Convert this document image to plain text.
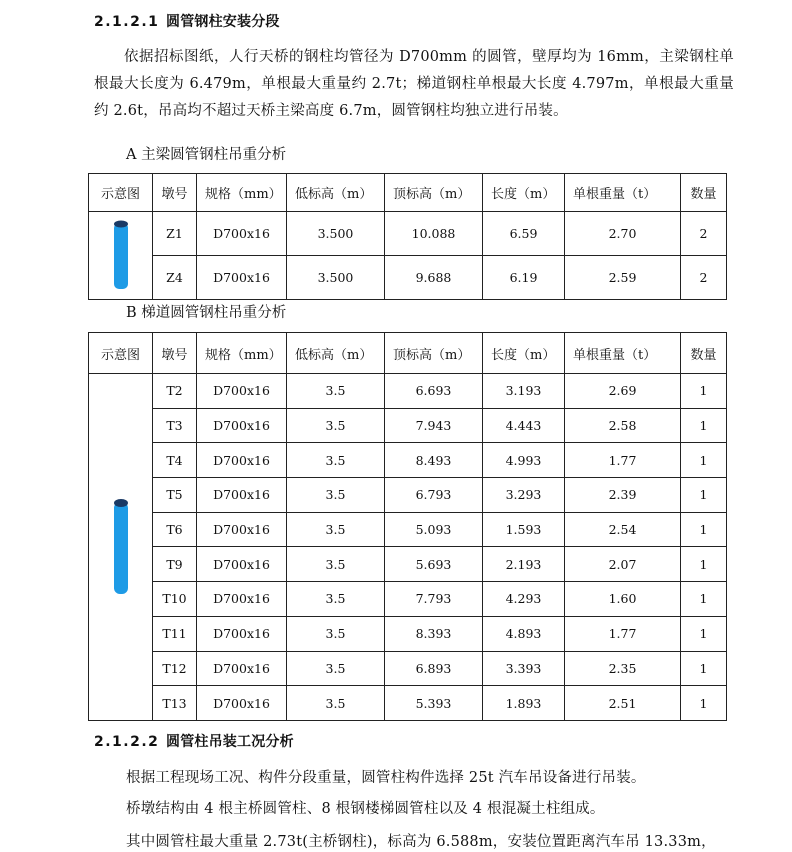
2.1.2.1 圆管钢柱安装分段

依据招标图纸，人行天桥的钢柱均管径为 D700mm 的圆管，壁厚均为 16mm，主梁钢柱单根最大长度为 6.479m，单根最大重量约 2.7t；梯道钢柱单根最大长度 4.797m，单根最大重量约 2.6t，吊高均不超过天桥主梁高度 6.7m，圆管钢柱均独立进行吊装。

A 主梁圆管钢柱吊重分析
示意图	墩号	规格（mm）	低标高（m）	顶标高（m）	长度（m）	单根重量（t）	数量

	Z1	D700x16	3.500	10.088	6.59	2.70	2
	Z4	D700x16	3.500	9.688	6.19	2.59	2
B 梯道圆管钢柱吊重分析
示意图	墩号	规格（mm）	低标高（m）	顶标高（m）	长度（m）	单根重量（t）	数量

	T2	D700x16	3.5	6.693	3.193	2.69	1
	T3	D700x16	3.5	7.943	4.443	2.58	1
	T4	D700x16	3.5	8.493	4.993	1.77	1
	T5	D700x16	3.5	6.793	3.293	2.39	1
	T6	D700x16	3.5	5.093	1.593	2.54	1
	T9	D700x16	3.5	5.693	2.193	2.07	1
	T10	D700x16	3.5	7.793	4.293	1.60	1
	T11	D700x16	3.5	8.393	4.893	1.77	1
	T12	D700x16	3.5	6.893	3.393	2.35	1
	T13	D700x16	3.5	5.393	1.893	2.51	1
2.1.2.2 圆管柱吊装工况分析
根据工程现场工况、构件分段重量，圆管柱构件选择 25t 汽车吊设备进行吊装。
桥墩结构由 4 根主桥圆管柱、8 根钢楼梯圆管柱以及 4 根混凝土柱组成。
其中圆管柱最大重量 2.73t(主桥钢柱)，标高为 6.588m，安装位置距离汽车吊 13.33m，
